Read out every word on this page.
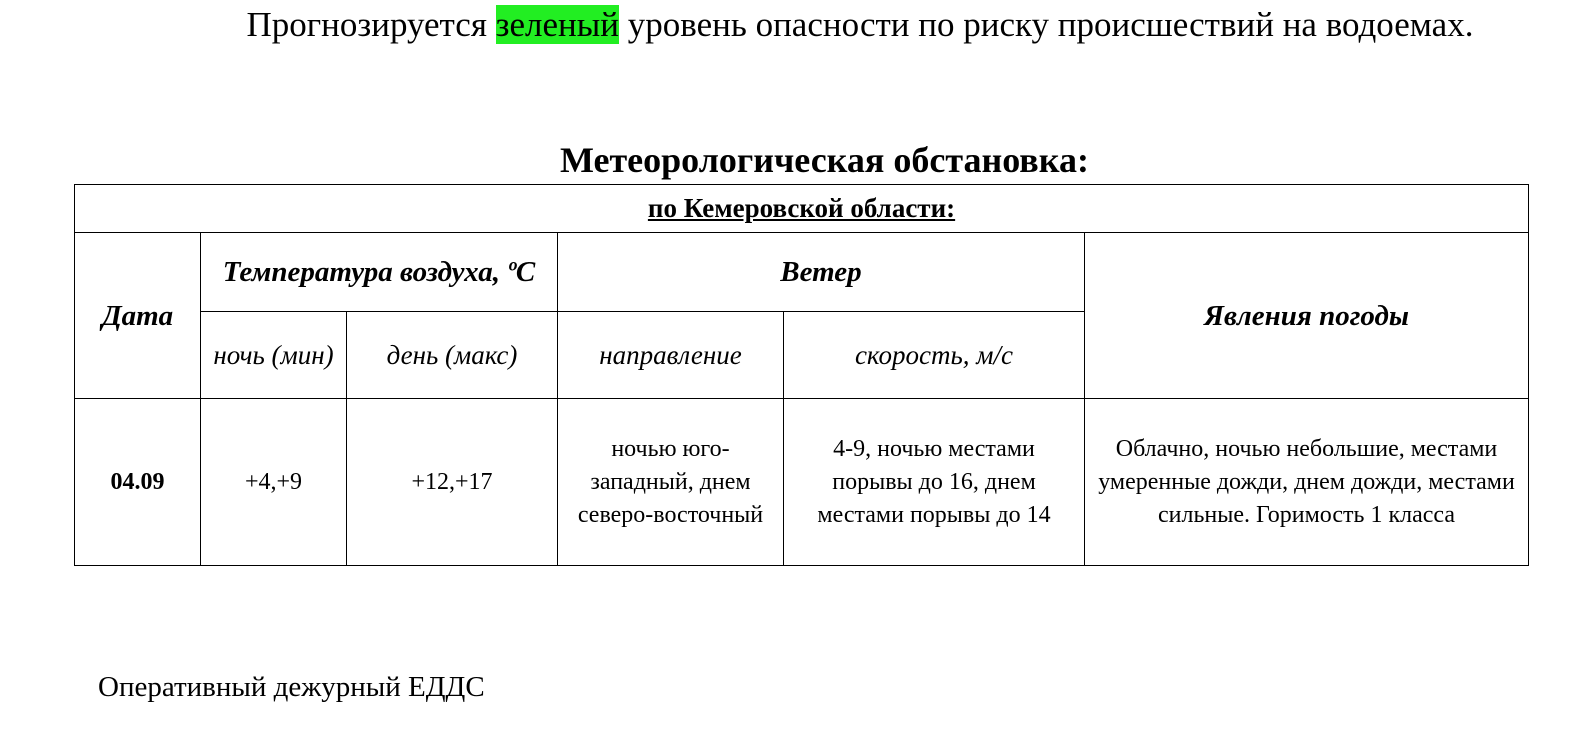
Прогнозируется зеленый уровень опасности по риску происшествий на водоемах.
Метеорологическая обстановка:
по Кемеровской области:					
Дата	Температура воздуха, ºС		Ветер		Явления погоды
	ночь (мин)	день (макс)	направление	скорость, м/с	
04.09	+4,+9	+12,+17	ночью юго-западный, днем северо-восточный	4-9, ночью местами порывы до 16, днем местами порывы до 14	Облачно, ночью небольшие, местами умеренные дожди, днем дожди, местами сильные. Горимость 1 класса
Оперативный дежурный ЕДДС
